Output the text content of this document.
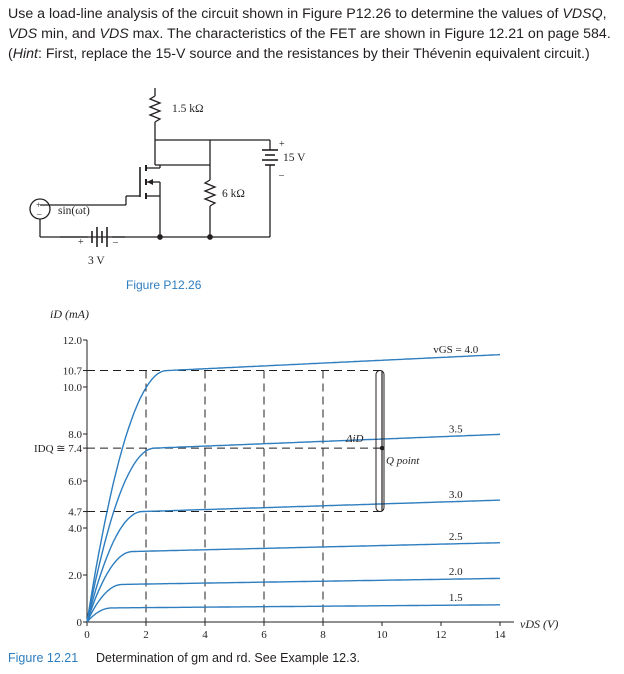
Use a load-line analysis of the circuit shown in Figure P12.26 to determine the values of VDSQ,

VDS min, and VDS max. The characteristics of the FET are shown in Figure 12.21 on page 584.

(Hint: First, replace the 15-V source and the resistances by their Thévenin equivalent circuit.)

1.5 kΩ
6 kΩ
15 V
+
–
sin(ωt)
+
–
3 V
+	–
Figure P12.26
iD (mA)
vDS (V)
0	2	4	6	8	10	12	14
0
2.0
4.0
4.7
6.0
IDQ ≅ 7.4
8.0
10.0
10.7
12.0
vGS = 4.0
3.5
3.0
2.5
2.0
1.5
Q point
ΔiD
Figure 12.21 Determination of gm and rd. See Example 12.3.
